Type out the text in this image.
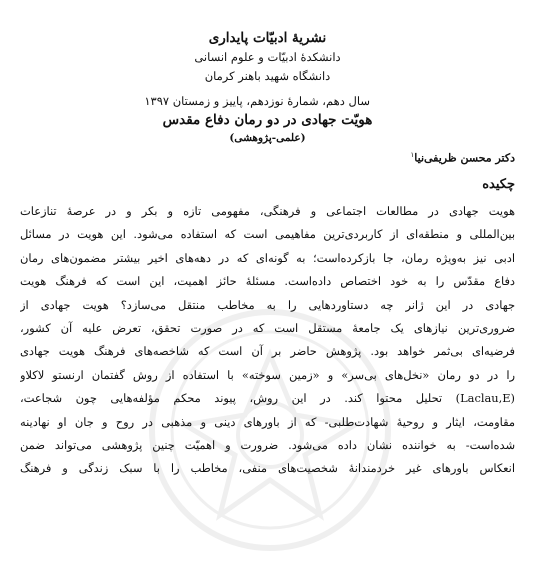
نشریۀ ادبیّات پایداری
دانشکدۀ ادبیّات و علوم انسانی
دانشگاه شهید باهنر کرمان
سال دهم، شمارۀ نوزدهم، پاییز و زمستان ۱۳۹۷
هویّت جهادی در دو رمان دفاع مقدس
(علمی-پژوهشی)
دکتر محسن ظریفی‌نیا$^۱$
چکیده
هویت جهادی در مطالعات اجتماعی و فرهنگی، مفهومی تازه و بکر و در عرصۀ تنازعات
بین‌المللی و منطقه‌ای از کاربردی‌ترین مفاهیمی است که استفاده می‌شود. این هویت در مسائل
ادبی نیز به‌ویژه رمان، جا بازکرده‌است؛ به گونه‌ای که در دهه‌های اخیر بیشتر مضمون‌های رمان
دفاع مقدّس را به خود اختصاص داده‌است. مسئلۀ حائز اهمیت، این است که فرهنگ هویت
جهادی در این ژانر چه دستاوردهایی را به مخاطب منتقل می‌سازد؟ هویت جهادی از
ضروری‌ترین نیازهای یک جامعۀ مستقل است که در صورت تحقق، تعرض علیه آن کشور،
فرضیه‌ای بی‌ثمر خواهد بود. پژوهش حاضر بر آن است که شاخصه‌های فرهنگ هویت جهادی
را در دو رمان «نخل‌های بی‌سر» و «زمین سوخته» با استفاده از روش گفتمان ارنستو لاکلاو
(Laclau,E) تحلیل محتوا کند. در این روش، پیوند محکم مؤلفه‌هایی چون شجاعت،
مقاومت، ایثار و روحیۀ شهادت‌طلبی- که از باورهای دینی و مذهبی در روح و جان او نهادینه
شده‌است- به خواننده نشان داده می‌شود. ضرورت و اهمیّت چنین پژوهشی می‌تواند ضمن
انعکاس باورهای غیر خردمندانۀ شخصیت‌های منفی، مخاطب را با سبک زندگی و فرهنگ
